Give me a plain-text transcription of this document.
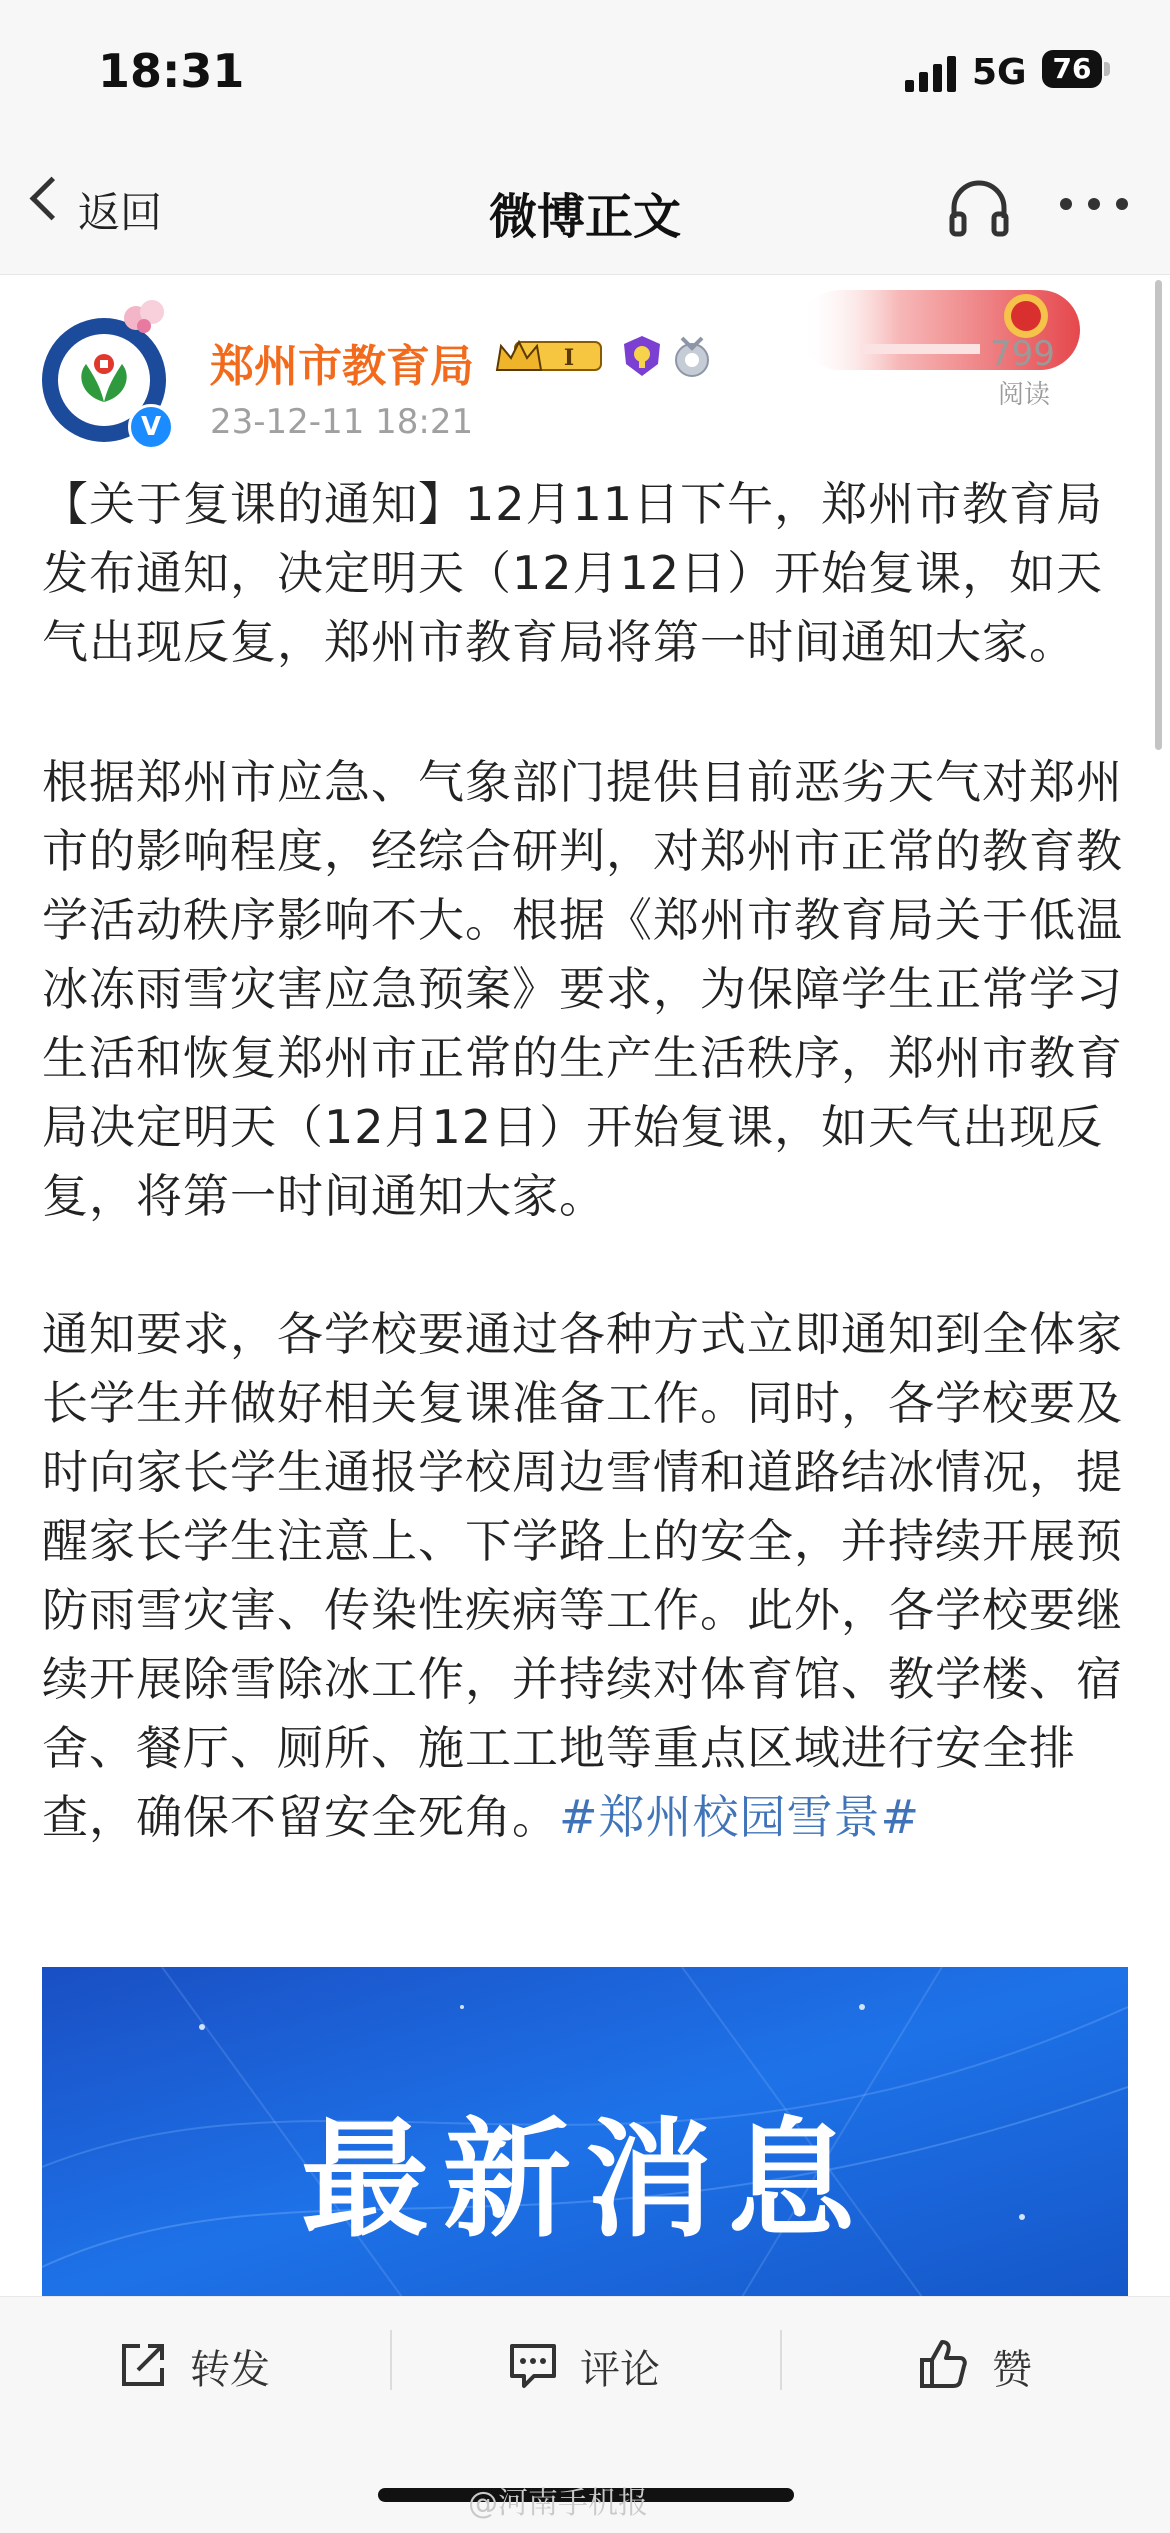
18:31	5G 76
返回	微博正文
V
郑州市教育局	I
23-12-11 18:21
799
阅读

【关于复课的通知】12月11日下午，郑州市教育局发布通知，决定明天（12月12日）开始复课，如天气出现反复，郑州市教育局将第一时间通知大家。

根据郑州市应急、气象部门提供目前恶劣天气对郑州市的影响程度，经综合研判，对郑州市正常的教育教学活动秩序影响不大。根据《郑州市教育局关于低温冰冻雨雪灾害应急预案》要求，为保障学生正常学习生活和恢复郑州市正常的生产生活秩序，郑州市教育局决定明天（12月12日）开始复课，如天气出现反复，将第一时间通知大家。

通知要求，各学校要通过各种方式立即通知到全体家长学生并做好相关复课准备工作。同时，各学校要及时向家长学生通报学校周边雪情和道路结冰情况，提醒家长学生注意上、下学路上的安全，并持续开展预防雨雪灾害、传染性疾病等工作。此外，各学校要继续开展除雪除冰工作，并持续对体育馆、教学楼、宿舍、餐厅、厕所、施工工地等重点区域进行安全排查，确保不留安全死角。#郑州校园雪景#

最新消息
转发	评论	赞
@河南手机报
